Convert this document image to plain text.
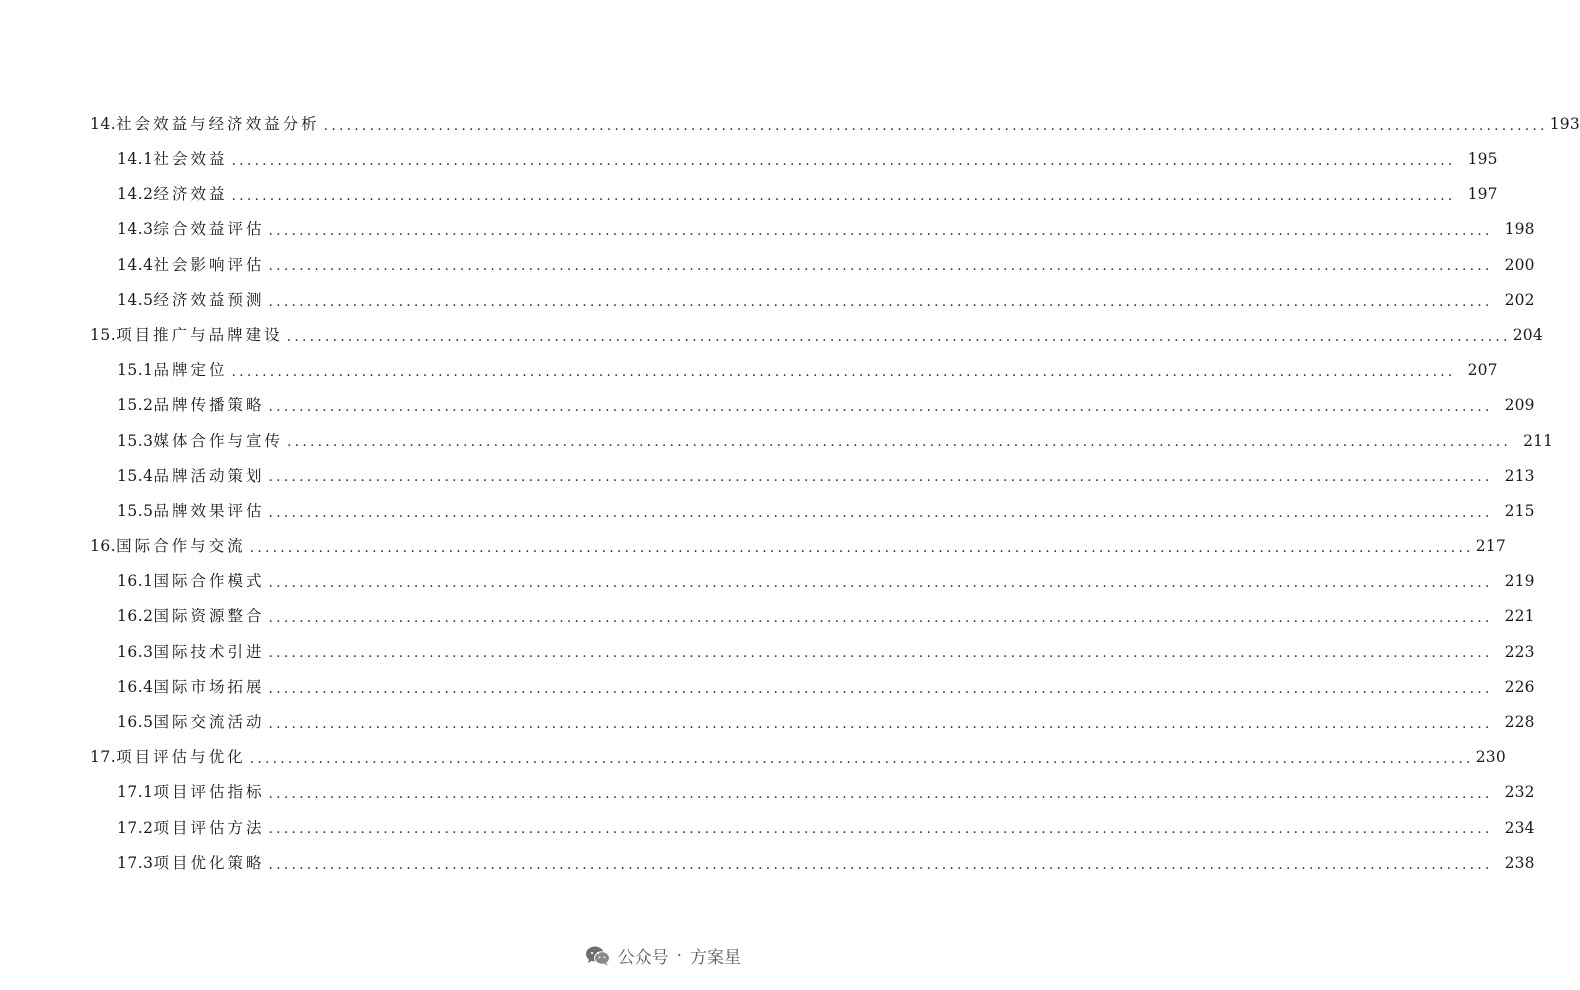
14. 社会效益与经济效益分析 ................................................................................................................................................................ 193
14.1 社会效益 ................................................................................................................................................................ 195
14.2 经济效益 ................................................................................................................................................................ 197
14.3 综合效益评估 ................................................................................................................................................................ 198
14.4 社会影响评估 ................................................................................................................................................................ 200
14.5 经济效益预测 ................................................................................................................................................................ 202
15. 项目推广与品牌建设 ................................................................................................................................................................ 204
15.1 品牌定位 ................................................................................................................................................................ 207
15.2 品牌传播策略 ................................................................................................................................................................ 209
15.3 媒体合作与宣传 ................................................................................................................................................................ 211
15.4 品牌活动策划 ................................................................................................................................................................ 213
15.5 品牌效果评估 ................................................................................................................................................................ 215
16. 国际合作与交流 ................................................................................................................................................................ 217
16.1 国际合作模式 ................................................................................................................................................................ 219
16.2 国际资源整合 ................................................................................................................................................................ 221
16.3 国际技术引进 ................................................................................................................................................................ 223
16.4 国际市场拓展 ................................................................................................................................................................ 226
16.5 国际交流活动 ................................................................................................................................................................ 228
17. 项目评估与优化 ................................................................................................................................................................ 230
17.1 项目评估指标 ................................................................................................................................................................ 232
17.2 项目评估方法 ................................................................................................................................................................ 234
17.3 项目优化策略 ................................................................................................................................................................ 238
公众号 · 方案星
